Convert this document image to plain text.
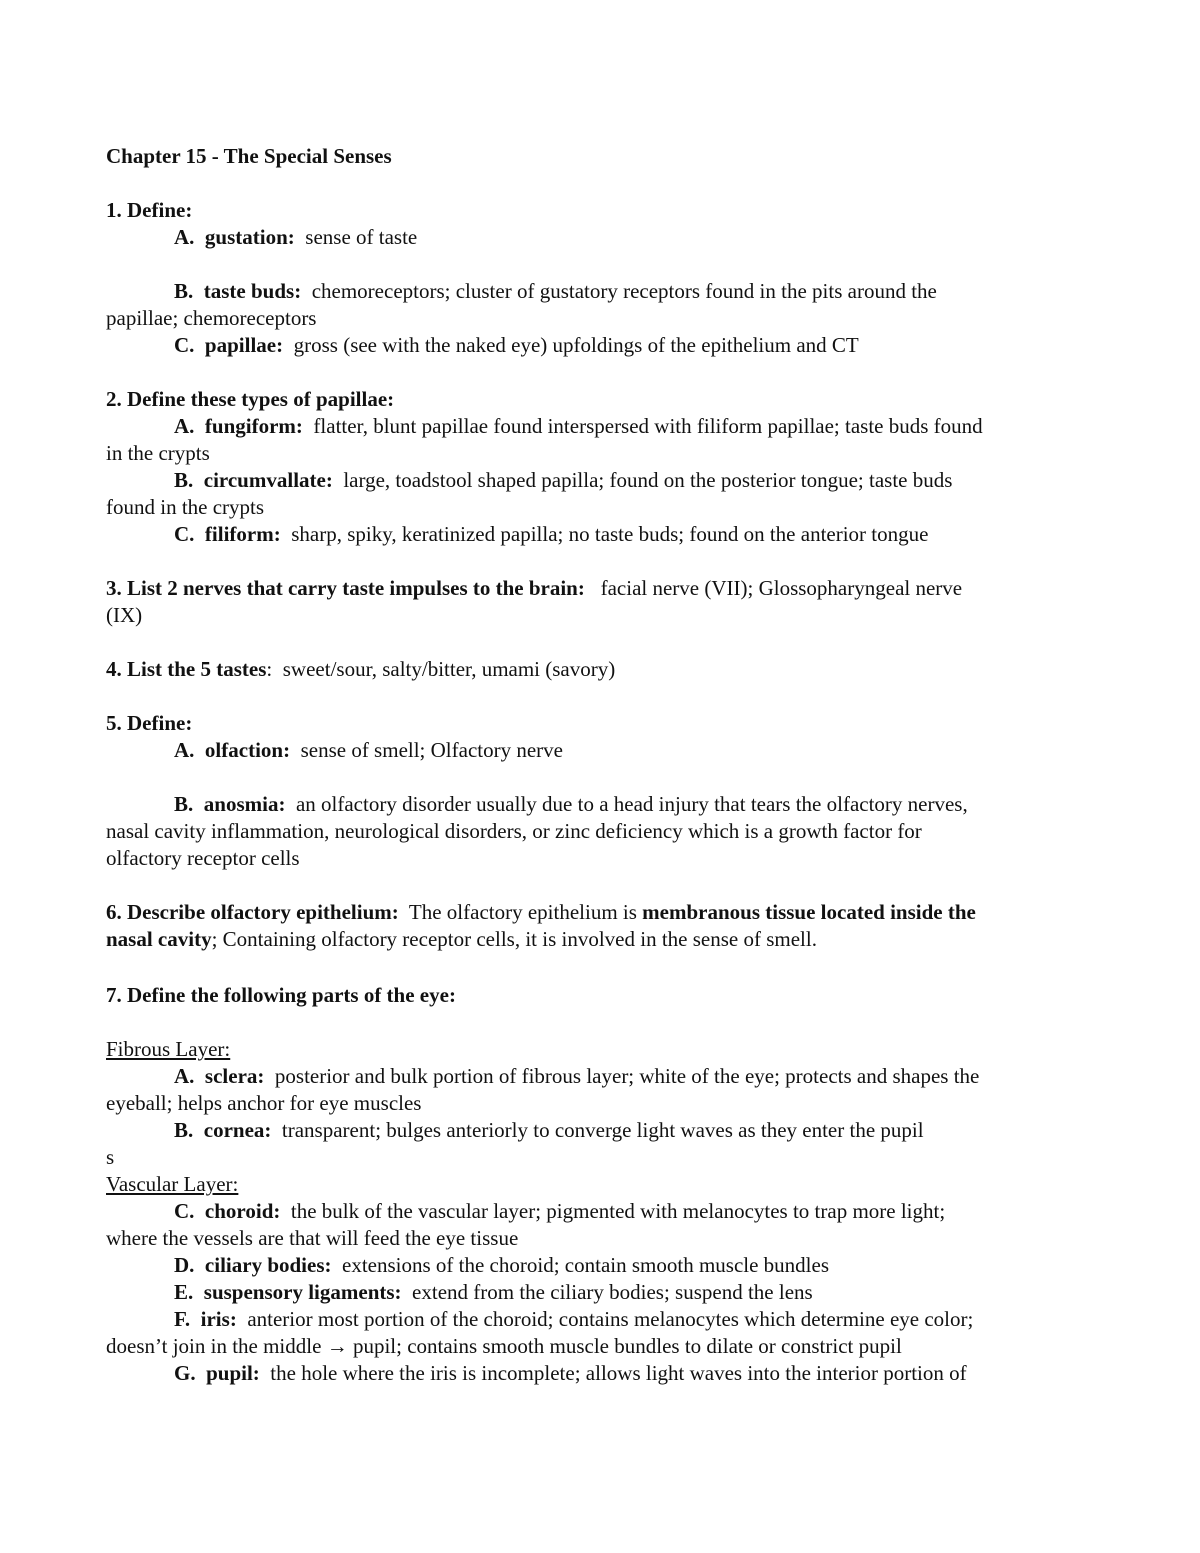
Chapter 15 - The Special Senses
1. Define:
A. gustation: sense of taste
B. taste buds: chemoreceptors; cluster of gustatory receptors found in the pits around the
papillae; chemoreceptors
C. papillae: gross (see with the naked eye) upfoldings of the epithelium and CT
2. Define these types of papillae:
A. fungiform: flatter, blunt papillae found interspersed with filiform papillae; taste buds found
in the crypts
B. circumvallate: large, toadstool shaped papilla; found on the posterior tongue; taste buds
found in the crypts
C. filiform: sharp, spiky, keratinized papilla; no taste buds; found on the anterior tongue
3. List 2 nerves that carry taste impulses to the brain: facial nerve (VII); Glossopharyngeal nerve
(IX)
4. List the 5 tastes: sweet/sour, salty/bitter, umami (savory)
5. Define:
A. olfaction: sense of smell; Olfactory nerve
B. anosmia: an olfactory disorder usually due to a head injury that tears the olfactory nerves,
nasal cavity inflammation, neurological disorders, or zinc deficiency which is a growth factor for
olfactory receptor cells
6. Describe olfactory epithelium: The olfactory epithelium is membranous tissue located inside the
nasal cavity; Containing olfactory receptor cells, it is involved in the sense of smell.
7. Define the following parts of the eye:
Fibrous Layer:
A. sclera: posterior and bulk portion of fibrous layer; white of the eye; protects and shapes the
eyeball; helps anchor for eye muscles
B. cornea: transparent; bulges anteriorly to converge light waves as they enter the pupil
s
Vascular Layer:
C. choroid: the bulk of the vascular layer; pigmented with melanocytes to trap more light;
where the vessels are that will feed the eye tissue
D. ciliary bodies: extensions of the choroid; contain smooth muscle bundles
E. suspensory ligaments: extend from the ciliary bodies; suspend the lens
F. iris: anterior most portion of the choroid; contains melanocytes which determine eye color;
doesn’t join in the middle → pupil; contains smooth muscle bundles to dilate or constrict pupil
G. pupil: the hole where the iris is incomplete; allows light waves into the interior portion of
